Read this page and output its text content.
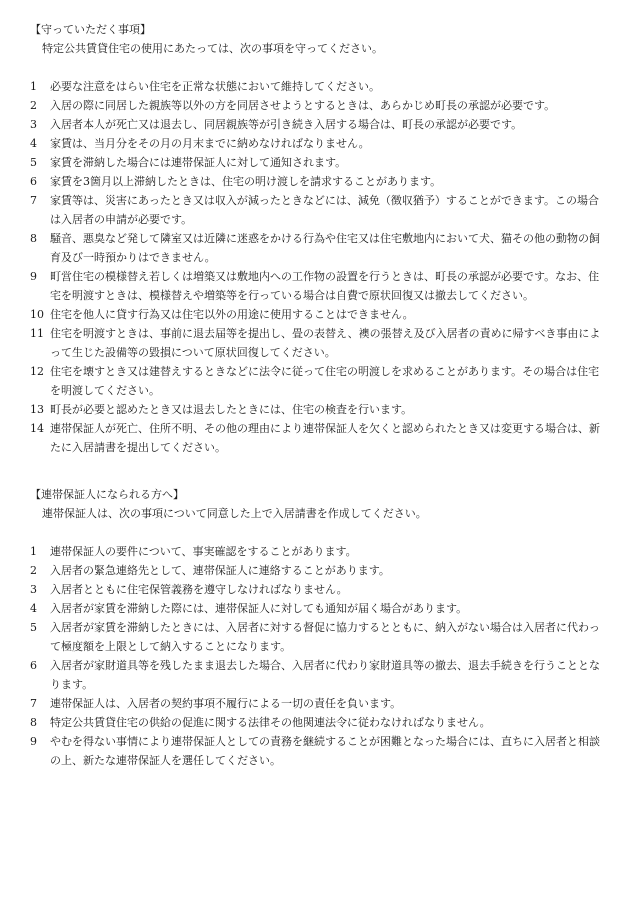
【守っていただく事項】
特定公共賃貸住宅の使用にあたっては、次の事項を守ってください。
1	必要な注意をはらい住宅を正常な状態において維持してください。
2	入居の際に同居した親族等以外の方を同居させようとするときは、あらかじめ町長の承認が必要です。
3	入居者本人が死亡又は退去し、同居親族等が引き続き入居する場合は、町長の承認が必要です。
4	家賃は、当月分をその月の月末までに納めなければなりません。
5	家賃を滞納した場合には連帯保証人に対して通知されます。
6	家賃を3箇月以上滞納したときは、住宅の明け渡しを請求することがあります。
7	家賃等は、災害にあったとき又は収入が減ったときなどには、減免（徴収猶予）することができます。この場合は入居者の申請が必要です。
8	騒音、悪臭など発して隣室又は近隣に迷惑をかける行為や住宅又は住宅敷地内において犬、猫その他の動物の飼育及び一時預かりはできません。
9	町営住宅の模様替え若しくは増築又は敷地内への工作物の設置を行うときは、町長の承認が必要です。なお、住宅を明渡すときは、模様替えや増築等を行っている場合は自費で原状回復又は撤去してください。
10 住宅を他人に貸す行為又は住宅以外の用途に使用することはできません。
11 住宅を明渡すときは、事前に退去届等を提出し、畳の表替え、襖の張替え及び入居者の責めに帰すべき事由によって生じた設備等の毀損について原状回復してください。
12 住宅を壊すとき又は建替えするときなどに法令に従って住宅の明渡しを求めることがあります。その場合は住宅を明渡してください。
13 町長が必要と認めたとき又は退去したときには、住宅の検査を行います。
14 連帯保証人が死亡、住所不明、その他の理由により連帯保証人を欠くと認められたとき又は変更する場合は、新たに入居請書を提出してください。
【連帯保証人になられる方へ】
連帯保証人は、次の事項について同意した上で入居請書を作成してください。
1	連帯保証人の要件について、事実確認をすることがあります。
2	入居者の緊急連絡先として、連帯保証人に連絡することがあります。
3	入居者とともに住宅保管義務を遵守しなければなりません。
4	入居者が家賃を滞納した際には、連帯保証人に対しても通知が届く場合があります。
5	入居者が家賃を滞納したときには、入居者に対する督促に協力するとともに、納入がない場合は入居者に代わって極度額を上限として納入することになります。
6	入居者が家財道具等を残したまま退去した場合、入居者に代わり家財道具等の撤去、退去手続きを行うこととなります。
7	連帯保証人は、入居者の契約事項不履行による一切の責任を負います。
8	特定公共賃貸住宅の供給の促進に関する法律その他関連法令に従わなければなりません。
9	やむを得ない事情により連帯保証人としての責務を継続することが困難となった場合には、直ちに入居者と相談の上、新たな連帯保証人を選任してください。
